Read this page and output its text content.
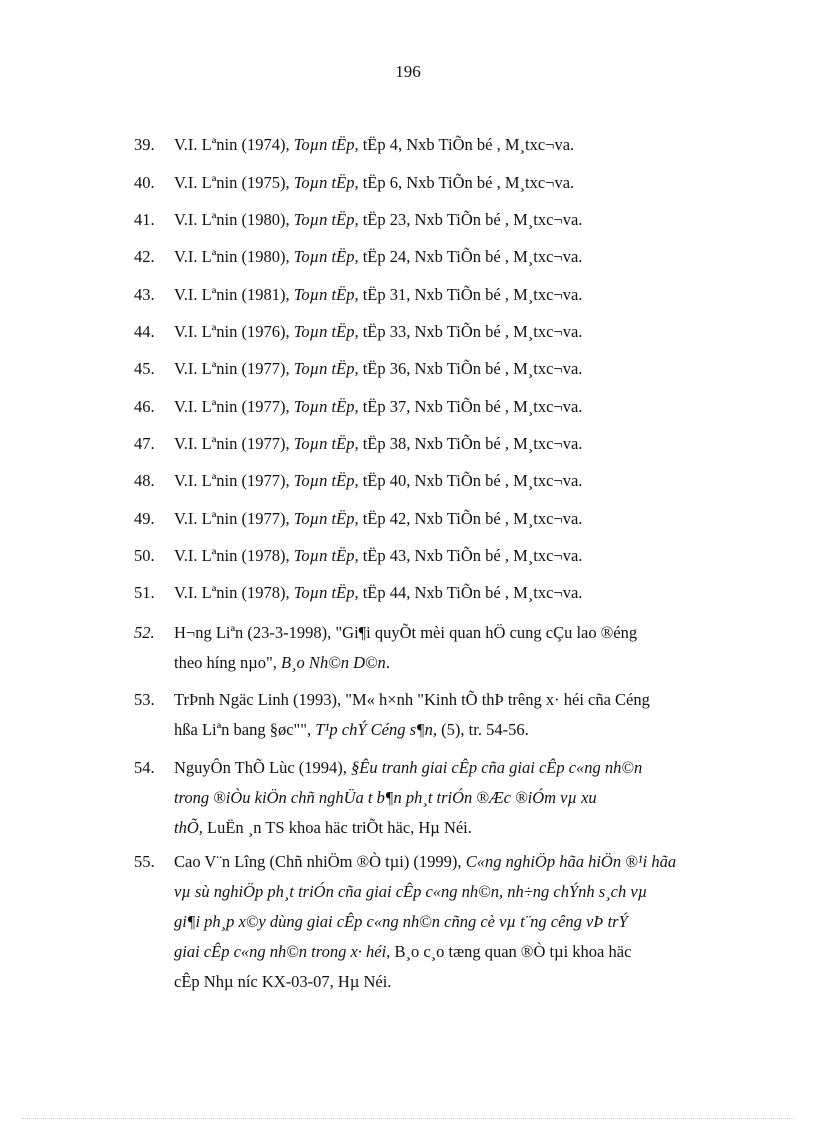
196
39. V.I. Lªnin (1974), Toµn tËp, tËp 4, Nxb TiÕn bé , M¸txc¬va.
40. V.I. Lªnin (1975), Toµn tËp, tËp 6, Nxb TiÕn bé , M¸txc¬va.
41. V.I. Lªnin (1980), Toµn tËp, tËp 23, Nxb TiÕn bé , M¸txc¬va.
42. V.I. Lªnin (1980), Toµn tËp, tËp 24, Nxb TiÕn bé , M¸txc¬va.
43. V.I. Lªnin (1981), Toµn tËp, tËp 31, Nxb TiÕn bé , M¸txc¬va.
44. V.I. Lªnin (1976), Toµn tËp, tËp 33, Nxb TiÕn bé , M¸txc¬va.
45. V.I. Lªnin (1977), Toµn tËp, tËp 36, Nxb TiÕn bé , M¸txc¬va.
46. V.I. Lªnin (1977), Toµn tËp, tËp 37, Nxb TiÕn bé , M¸txc¬va.
47. V.I. Lªnin (1977), Toµn tËp, tËp 38, Nxb TiÕn bé , M¸txc¬va.
48. V.I. Lªnin (1977), Toµn tËp, tËp 40, Nxb TiÕn bé , M¸txc¬va.
49. V.I. Lªnin (1977), Toµn tËp, tËp 42, Nxb TiÕn bé , M¸txc¬va.
50. V.I. Lªnin (1978), Toµn tËp, tËp 43, Nxb TiÕn bé , M¸txc¬va.
51. V.I. Lªnin (1978), Toµn tËp, tËp 44, Nxb TiÕn bé , M¸txc¬va.
52. H¬ng Liªn (23-3-1998), "Gi¶i quyÕt mèi quan hÖ cung cÇu lao ®éng
theo híng nµo", B¸o Nh©n D©n.
53. TrÞnh Ngäc Linh (1993), "M« h×nh "Kinh tÕ thÞ trêng x· héi cña Céng
hßa Liªn bang §øc"", T¹p chÝ Céng s¶n, (5), tr. 54-56.
54. NguyÔn ThÕ Lùc (1994), §Êu tranh giai cÊp cña giai cÊp c«ng nh©n
trong ®iÒu kiÖn chñ nghÜa t b¶n ph¸t triÓn ®Æc ®iÓm vµ xu
thÕ, LuËn ¸n TS khoa häc triÕt häc, Hµ Néi.
55. Cao V¨n Lîng (Chñ nhiÖm ®Ò tµi) (1999), C«ng nghiÖp hãa hiÖn ®¹i hãa
vµ sù nghiÖp ph¸t triÓn cña giai cÊp c«ng nh©n, nh÷ng chÝnh s¸ch vµ
gi¶i ph¸p x©y dùng giai cÊp c«ng nh©n cñng cè vµ t¨ng cêng vÞ trÝ
giai cÊp c«ng nh©n trong x· héi, B¸o c¸o tæng quan ®Ò tµi khoa häc
cÊp Nhµ níc KX-03-07, Hµ Néi.
